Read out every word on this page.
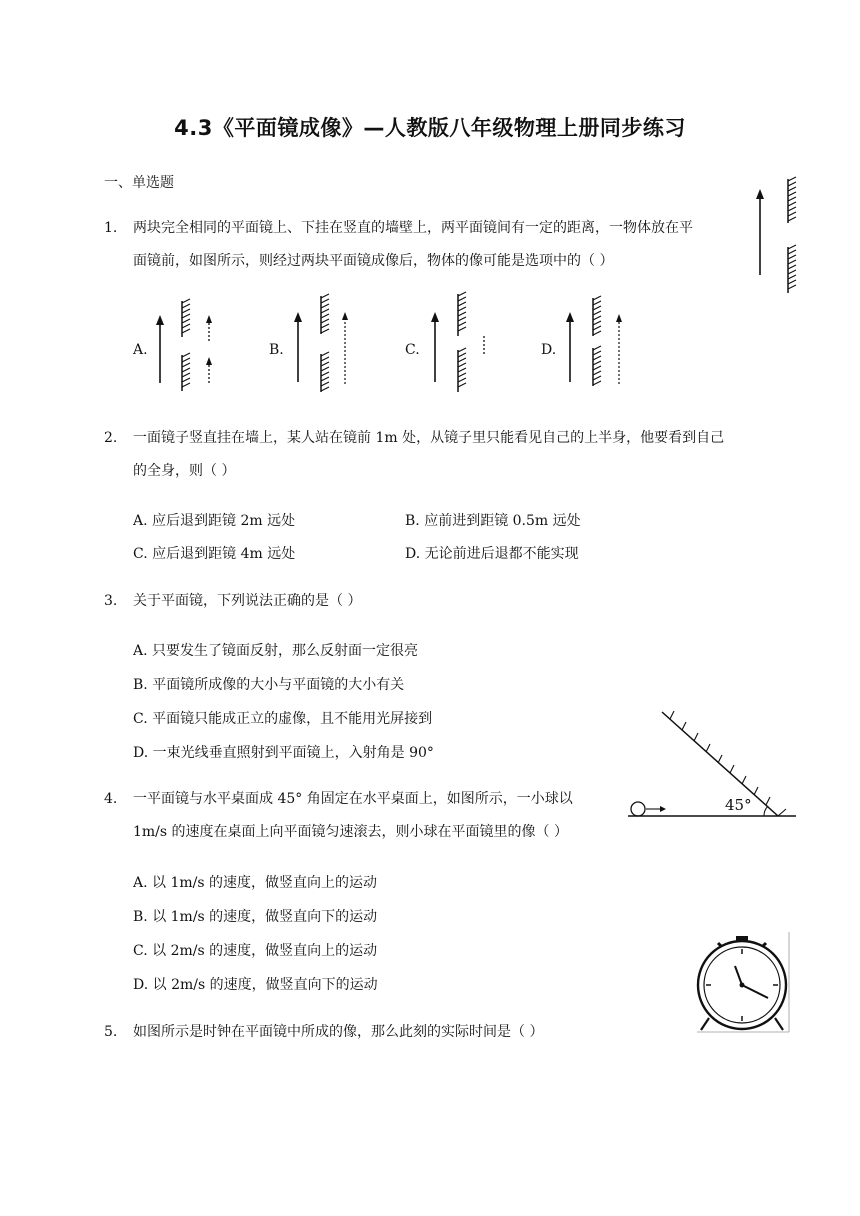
4.3《平面镜成像》—人教版八年级物理上册同步练习
一、单选题
1. 两块完全相同的平面镜上、下挂在竖直的墙壁上，两平面镜间有一定的距离，一物体放在平
面镜前，如图所示，则经过两块平面镜成像后，物体的像可能是选项中的（ ）
A.	B.	C.	D.
2. 一面镜子竖直挂在墙上，某人站在镜前 1m 处，从镜子里只能看见自己的上半身，他要看到自己
的全身，则（ ）
A. 应后退到距镜 2m 远处	B. 应前进到距镜 0.5m 远处
C. 应后退到距镜 4m 远处	D. 无论前进后退都不能实现
3. 关于平面镜，下列说法正确的是（ ）
A. 只要发生了镜面反射，那么反射面一定很亮
B. 平面镜所成像的大小与平面镜的大小有关
C. 平面镜只能成正立的虚像，且不能用光屏接到
D. 一束光线垂直照射到平面镜上，入射角是 90°
4. 一平面镜与水平桌面成 45° 角固定在水平桌面上，如图所示，一小球以
1m/s 的速度在桌面上向平面镜匀速滚去，则小球在平面镜里的像（ ）
45°
A. 以 1m/s 的速度，做竖直向上的运动
B. 以 1m/s 的速度，做竖直向下的运动
C. 以 2m/s 的速度，做竖直向上的运动
D. 以 2m/s 的速度，做竖直向下的运动
5. 如图所示是时钟在平面镜中所成的像，那么此刻的实际时间是（ ）
